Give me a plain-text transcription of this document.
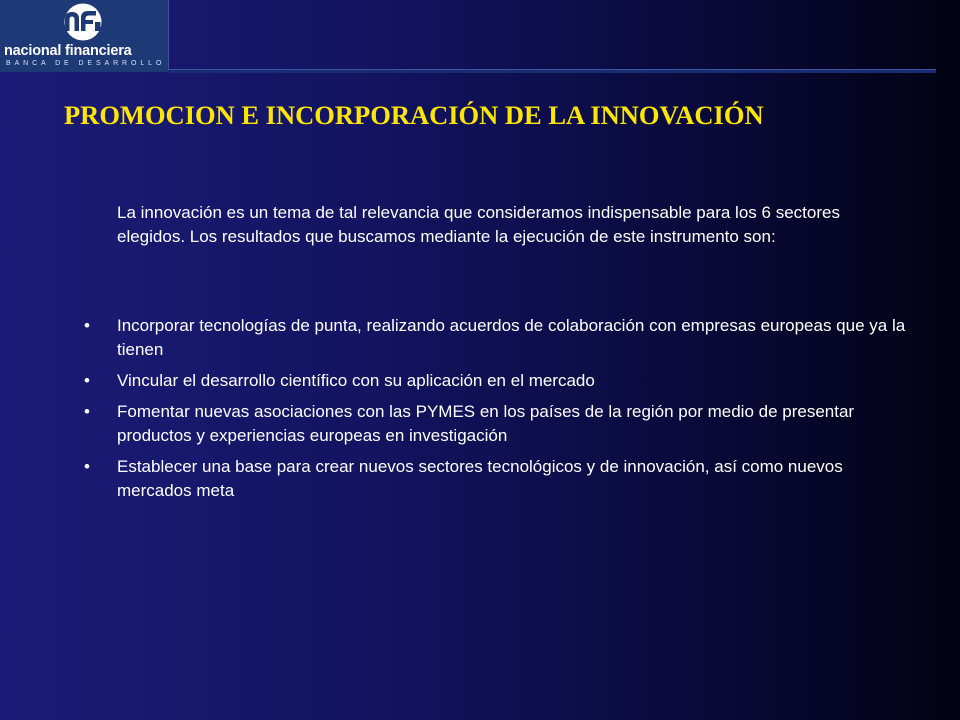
nacional financiera
BANCA DE DESARROLLO
PROMOCION E INCORPORACIÓN DE LA INNOVACIÓN

La innovación es un tema de tal relevancia que consideramos indispensable para los 6 sectores elegidos. Los resultados que buscamos mediante la ejecución de este instrumento son:

• Incorporar tecnologías de punta, realizando acuerdos de colaboración con empresas europeas que ya la tienen
• Vincular el desarrollo científico con su aplicación en el mercado
• Fomentar nuevas asociaciones con las PYMES en los países de la región por medio de presentar productos y experiencias europeas en investigación
• Establecer una base para crear nuevos sectores tecnológicos y de innovación, así como nuevos mercados meta
